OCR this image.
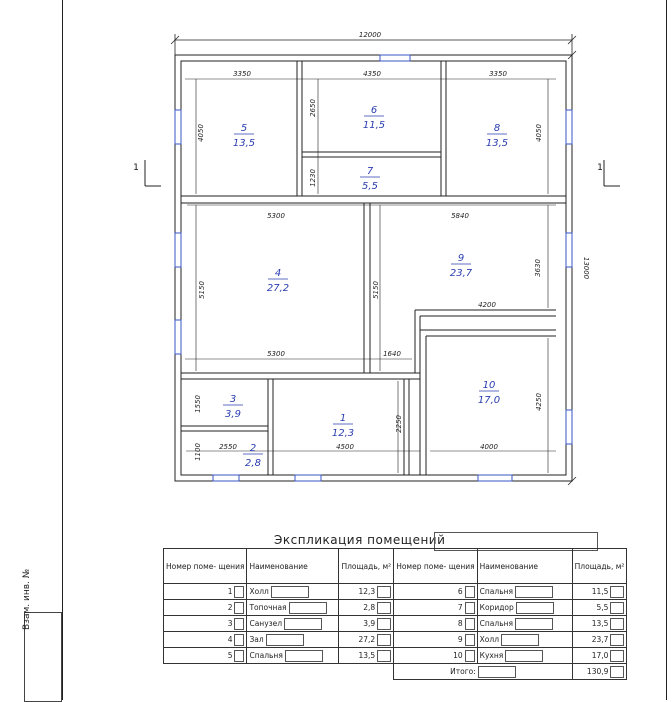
12000
13000
5
13,5
6
11,5
7
5,5
8
13,5
4
27,2
9
23,7
3
3,9
2
2,8
1
12,3
10
17,0
3350	4350	3350
4050
2650
4050
1230
5300	5840
5150	5150
3630
4200
5300	1640
4250
1550
1100 2550	4500
2250
4000
1	1
Экспликация помещений
Номер поме- щения	Наименование	Площадь, м²	Номер поме- щения	Наименование	Площадь, м²
1	Холл	12,3	6	Спальня	11,5
2	Топочная	2,8	7	Коридор	5,5
3	Санузел	3,9	8	Спальня	13,5
4	Зал	27,2	9	Холл	23,7
5	Спальня	13,5	10	Кухня	17,0
			Итого:		130,9
Взам. инв. №
